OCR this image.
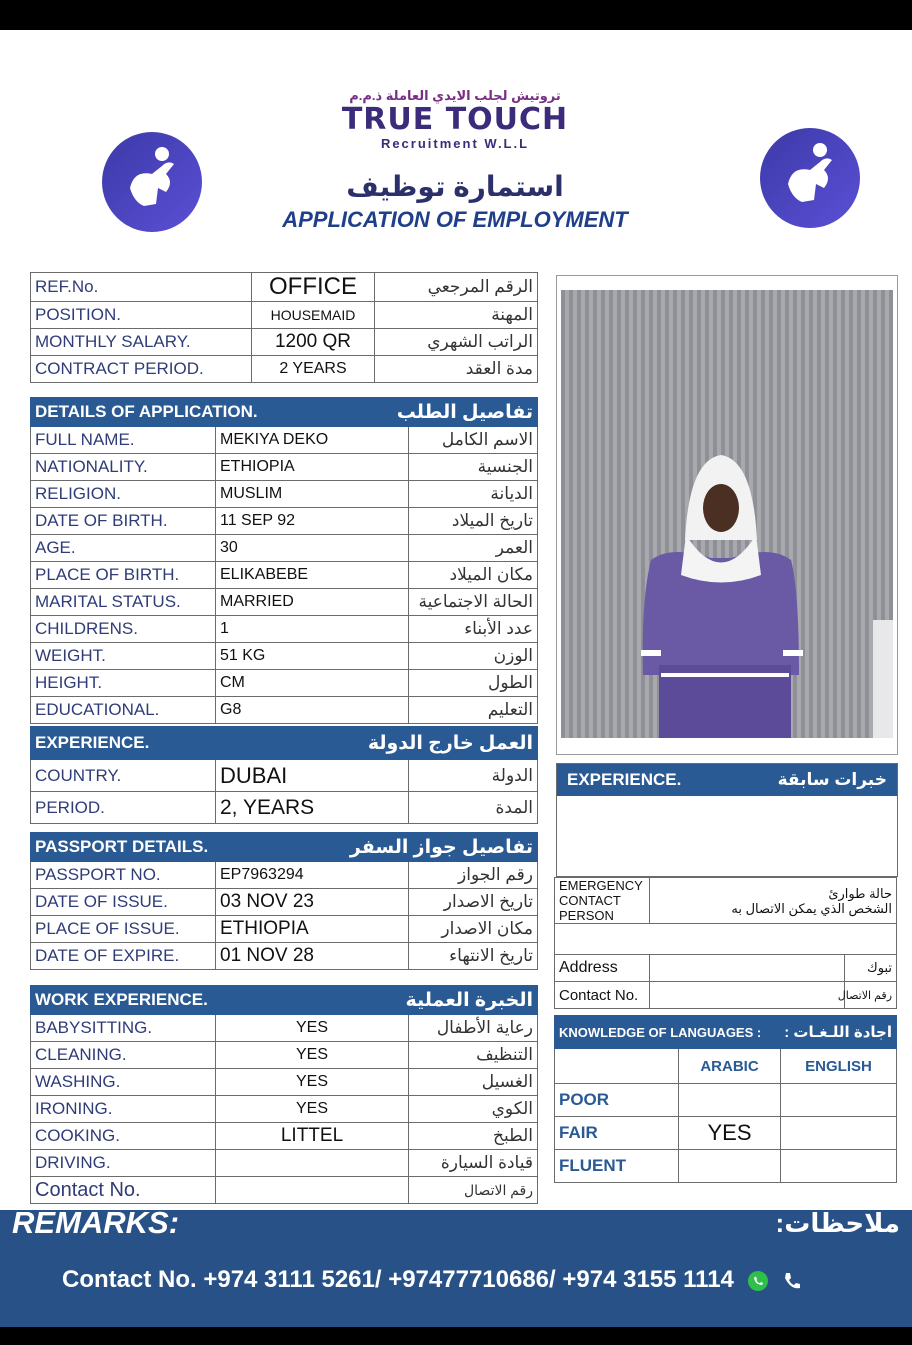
تروتيش لجلب الايدي العاملة ذ.م.م
TRUE TOUCH
Recruitment W.L.L
استمارة توظيف
APPLICATION OF EMPLOYMENT
REF.No.	OFFICE	الرقم المرجعي
POSITION.	HOUSEMAID	المهنة
MONTHLY SALARY.	1200 QR	الراتب الشهري
CONTRACT PERIOD.	2 YEARS	مدة العقد
DETAILS OF APPLICATION.		تفاصيل الطلب
FULL NAME.	MEKIYA DEKO	الاسم الكامل
NATIONALITY.	ETHIOPIA	الجنسية
RELIGION.	MUSLIM	الديانة
DATE OF BIRTH.	11 SEP 92	تاريخ الميلاد
AGE.	30	العمر
PLACE OF BIRTH.	ELIKABEBE	مكان الميلاد
MARITAL STATUS.	MARRIED	الحالة الاجتماعية
CHILDRENS.	1	عدد الأبناء
WEIGHT.	51 KG	الوزن
HEIGHT.	CM	الطول
EDUCATIONAL.	G8	التعليم
EXPERIENCE.	العمل خارج الدولة	
COUNTRY.	DUBAI	الدولة
PERIOD.	2, YEARS	المدة
PASSPORT DETAILS.	تفاصيل جواز السفر	
PASSPORT NO.	EP7963294	رقم الجواز
DATE OF ISSUE.	03 NOV 23	تاريخ الاصدار
PLACE OF ISSUE.	ETHIOPIA	مكان الاصدار
DATE OF EXPIRE.	01 NOV 28	تاريخ الانتهاء
WORK EXPERIENCE.	الخبرة العملية	
BABYSITTING.	YES	رعاية الأطفال
CLEANING.	YES	التنظيف
WASHING.	YES	الغسيل
IRONING.	YES	الكوي
COOKING.	LITTEL	الطبخ
DRIVING.		قيادة السيارة
Contact No.		رقم الاتصال
EXPERIENCE.	خبرات سابقة
EMERGENCY
CONTACT PERSON	حالة طوارئ
الشخص الذي يمكن الاتصال به	

Address		تبوك
Contact No.		رقم الاتصال
KNOWLEDGE OF LANGUAGES :		اجادة اللـغـات :
	ARABIC	ENGLISH
POOR		
FAIR	YES	
FLUENT		
REMARKS:	ملاحظات:
Contact No. +974 3111 5261/ +97477710686/ +974 3155 1114
